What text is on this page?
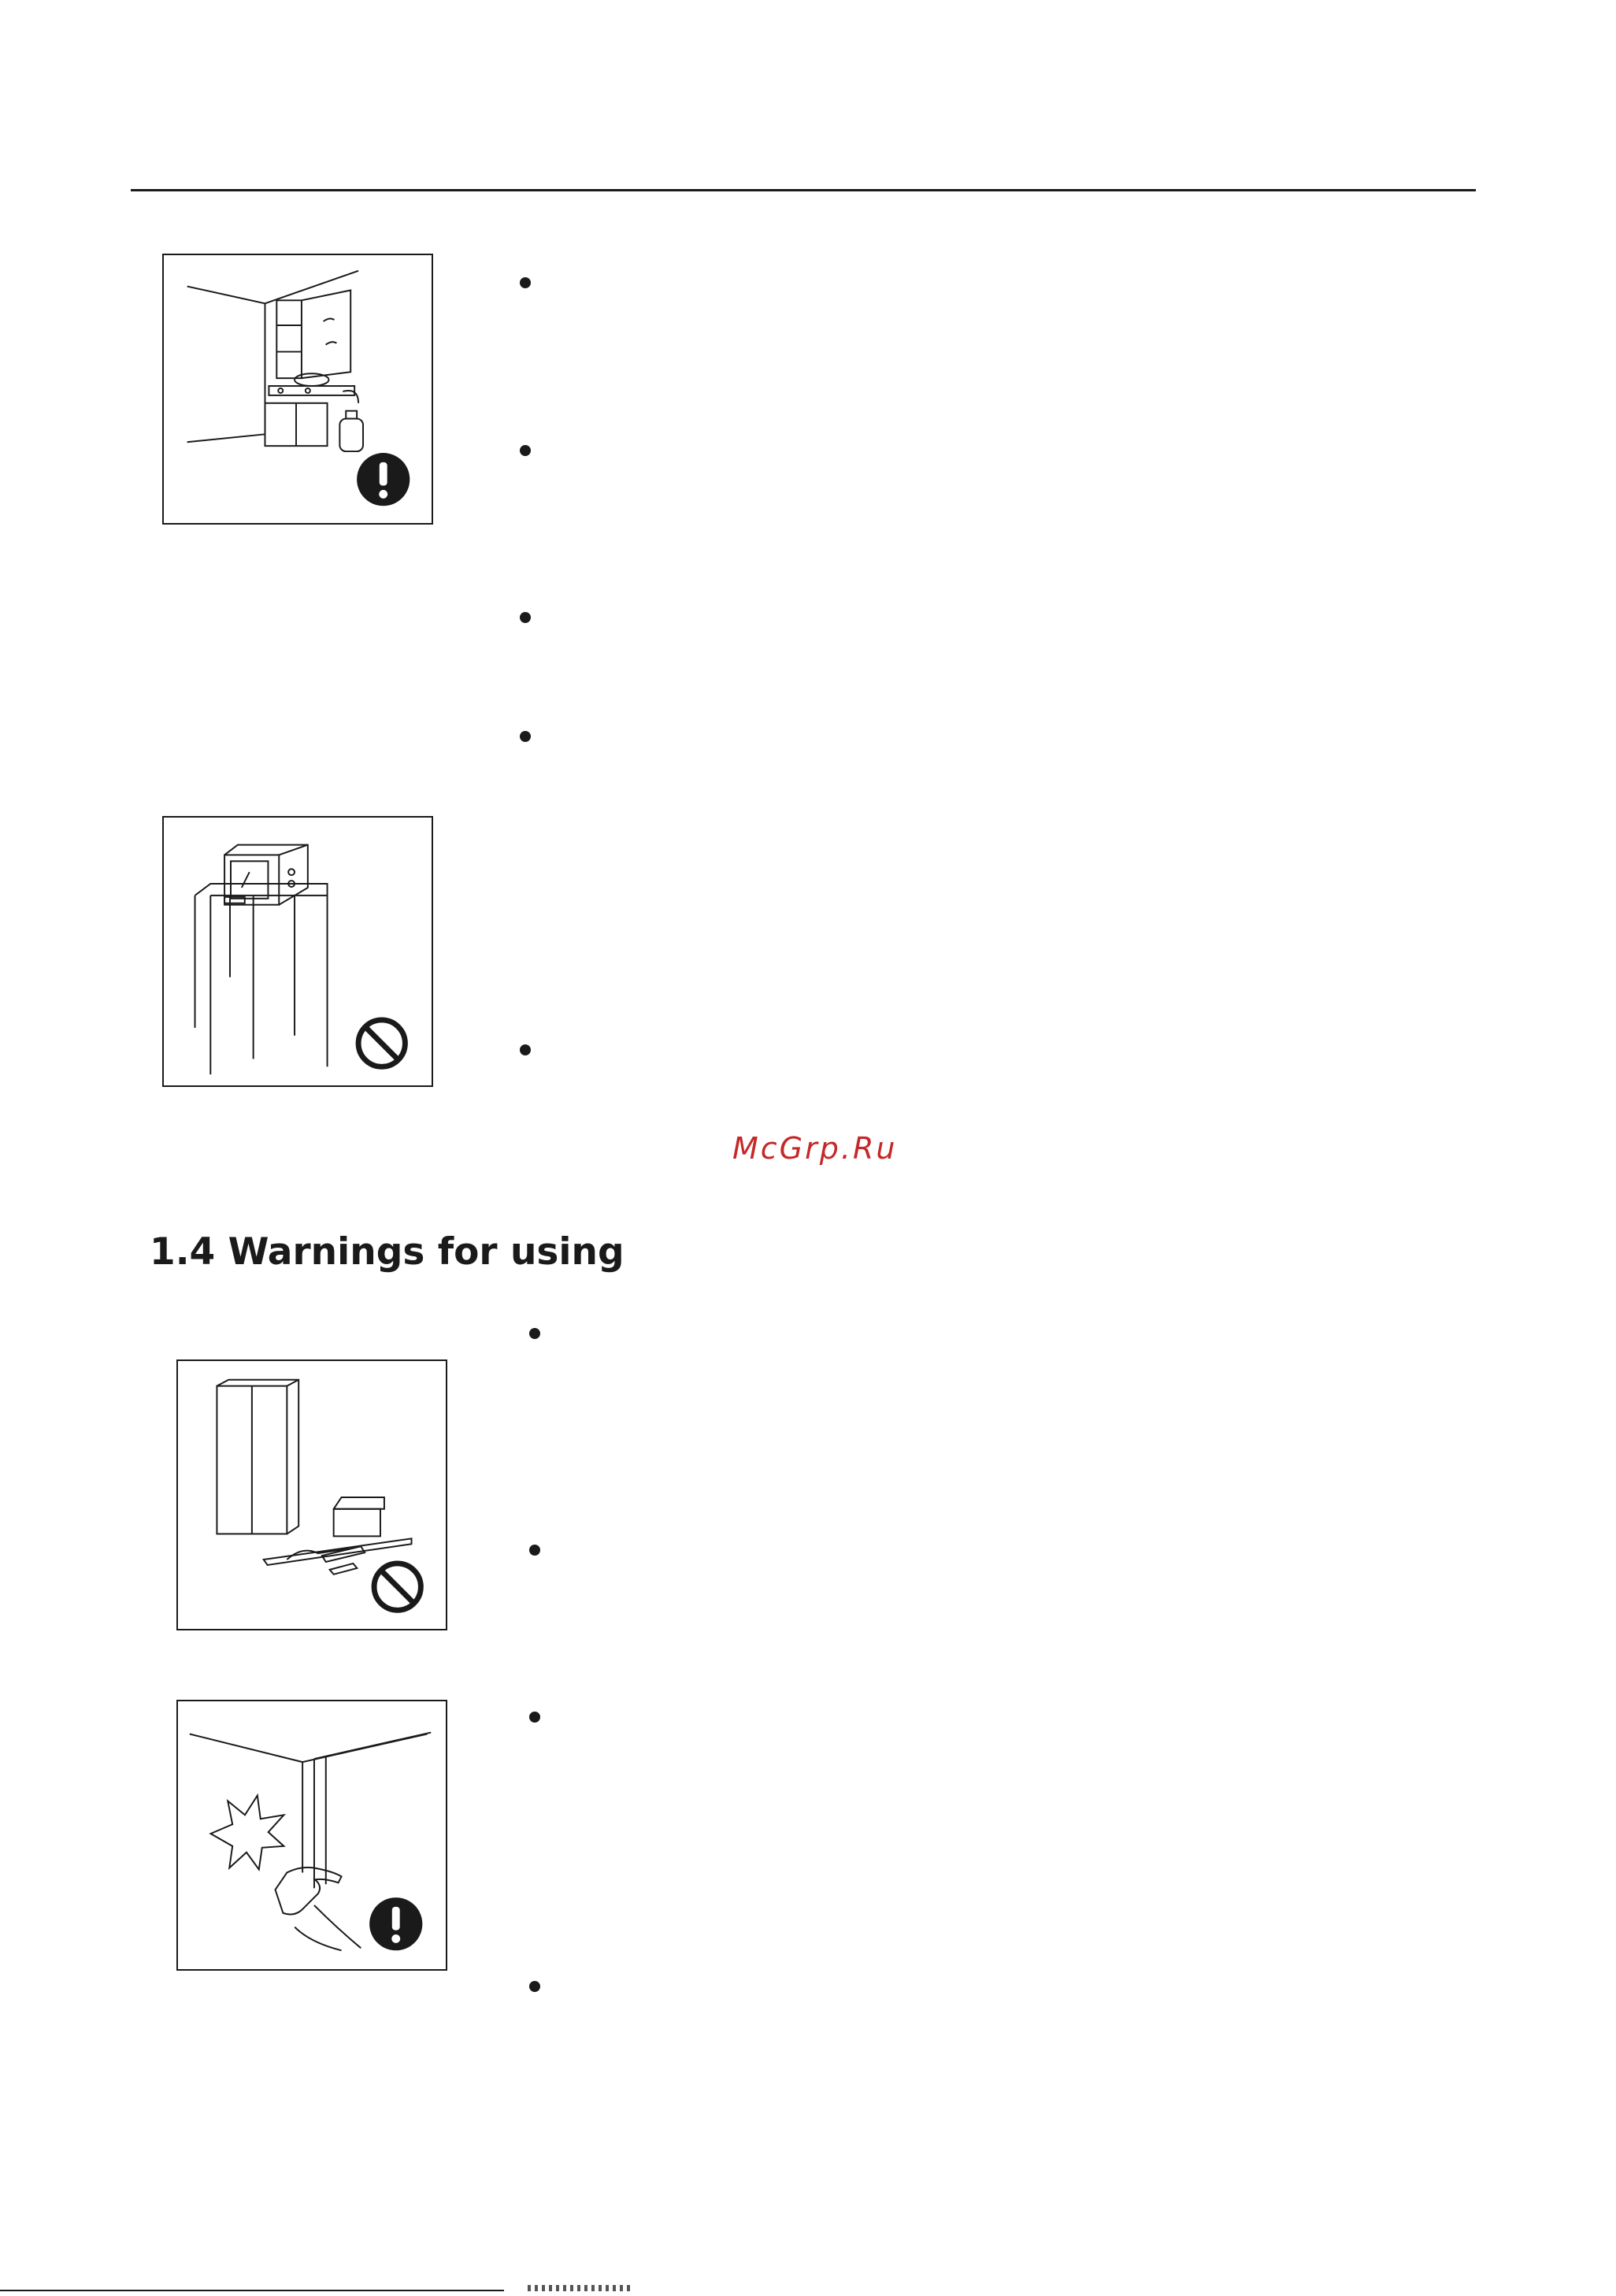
McGrp.Ru
1.4 Warnings for using
